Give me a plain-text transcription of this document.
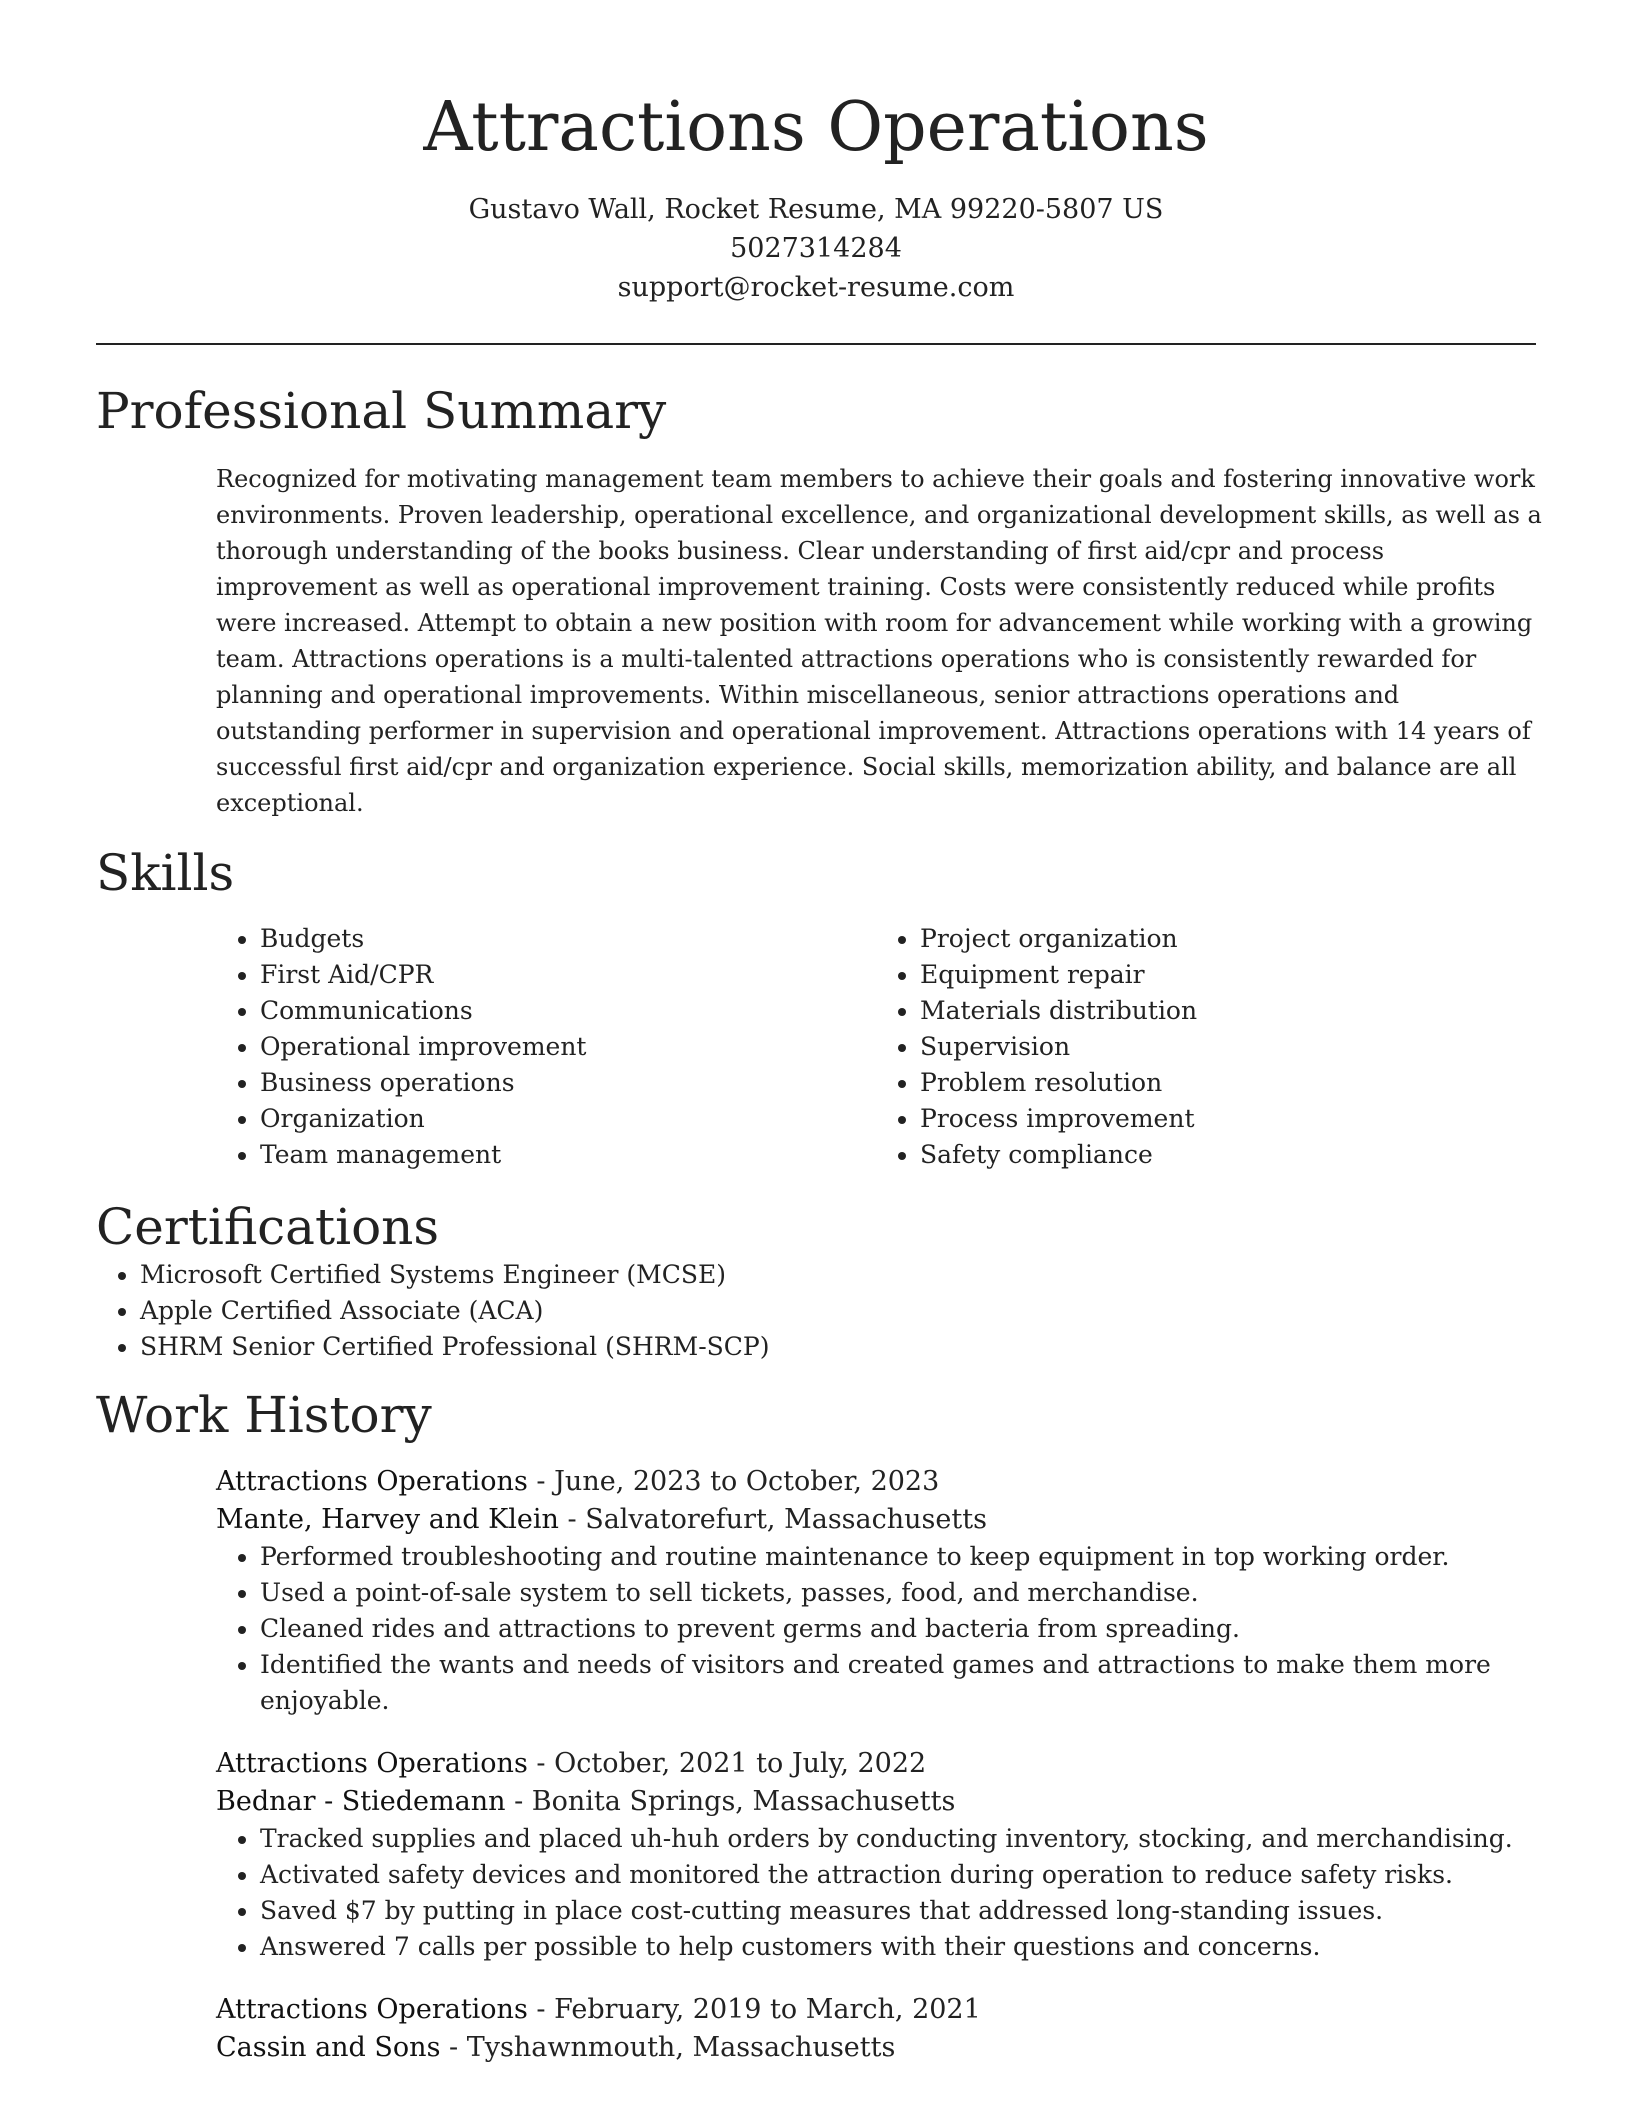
Attractions Operations
Gustavo Wall, Rocket Resume, MA 99220-5807 US
5027314284
support@rocket-resume.com
Professional Summary

Recognized for motivating management team members to achieve their goals and fostering innovative work environments. Proven leadership, operational excellence, and organizational development skills, as well as a thorough understanding of the books business. Clear understanding of first aid/cpr and process improvement as well as operational improvement training. Costs were consistently reduced while profits were increased. Attempt to obtain a new position with room for advancement while working with a growing team. Attractions operations is a multi-talented attractions operations who is consistently rewarded for planning and operational improvements. Within miscellaneous, senior attractions operations and outstanding performer in supervision and operational improvement. Attractions operations with 14 years of successful first aid/cpr and organization experience. Social skills, memorization ability, and balance are all exceptional.

Skills
• Budgets
• First Aid/CPR
• Communications
• Operational improvement
• Business operations
• Organization
• Team management
• Project organization
• Equipment repair
• Materials distribution
• Supervision
• Problem resolution
• Process improvement
• Safety compliance
Certifications
• Microsoft Certified Systems Engineer (MCSE)
• Apple Certified Associate (ACA)
• SHRM Senior Certified Professional (SHRM-SCP)
Work History
Attractions Operations - June, 2023 to October, 2023
Mante, Harvey and Klein - Salvatorefurt, Massachusetts
• Performed troubleshooting and routine maintenance to keep equipment in top working order.
• Used a point-of-sale system to sell tickets, passes, food, and merchandise.
• Cleaned rides and attractions to prevent germs and bacteria from spreading.
• Identified the wants and needs of visitors and created games and attractions to make them more enjoyable.
Attractions Operations - October, 2021 to July, 2022
Bednar - Stiedemann - Bonita Springs, Massachusetts
• Tracked supplies and placed uh-huh orders by conducting inventory, stocking, and merchandising.
• Activated safety devices and monitored the attraction during operation to reduce safety risks.
• Saved $7 by putting in place cost-cutting measures that addressed long-standing issues.
• Answered 7 calls per possible to help customers with their questions and concerns.
Attractions Operations - February, 2019 to March, 2021
Cassin and Sons - Tyshawnmouth, Massachusetts
